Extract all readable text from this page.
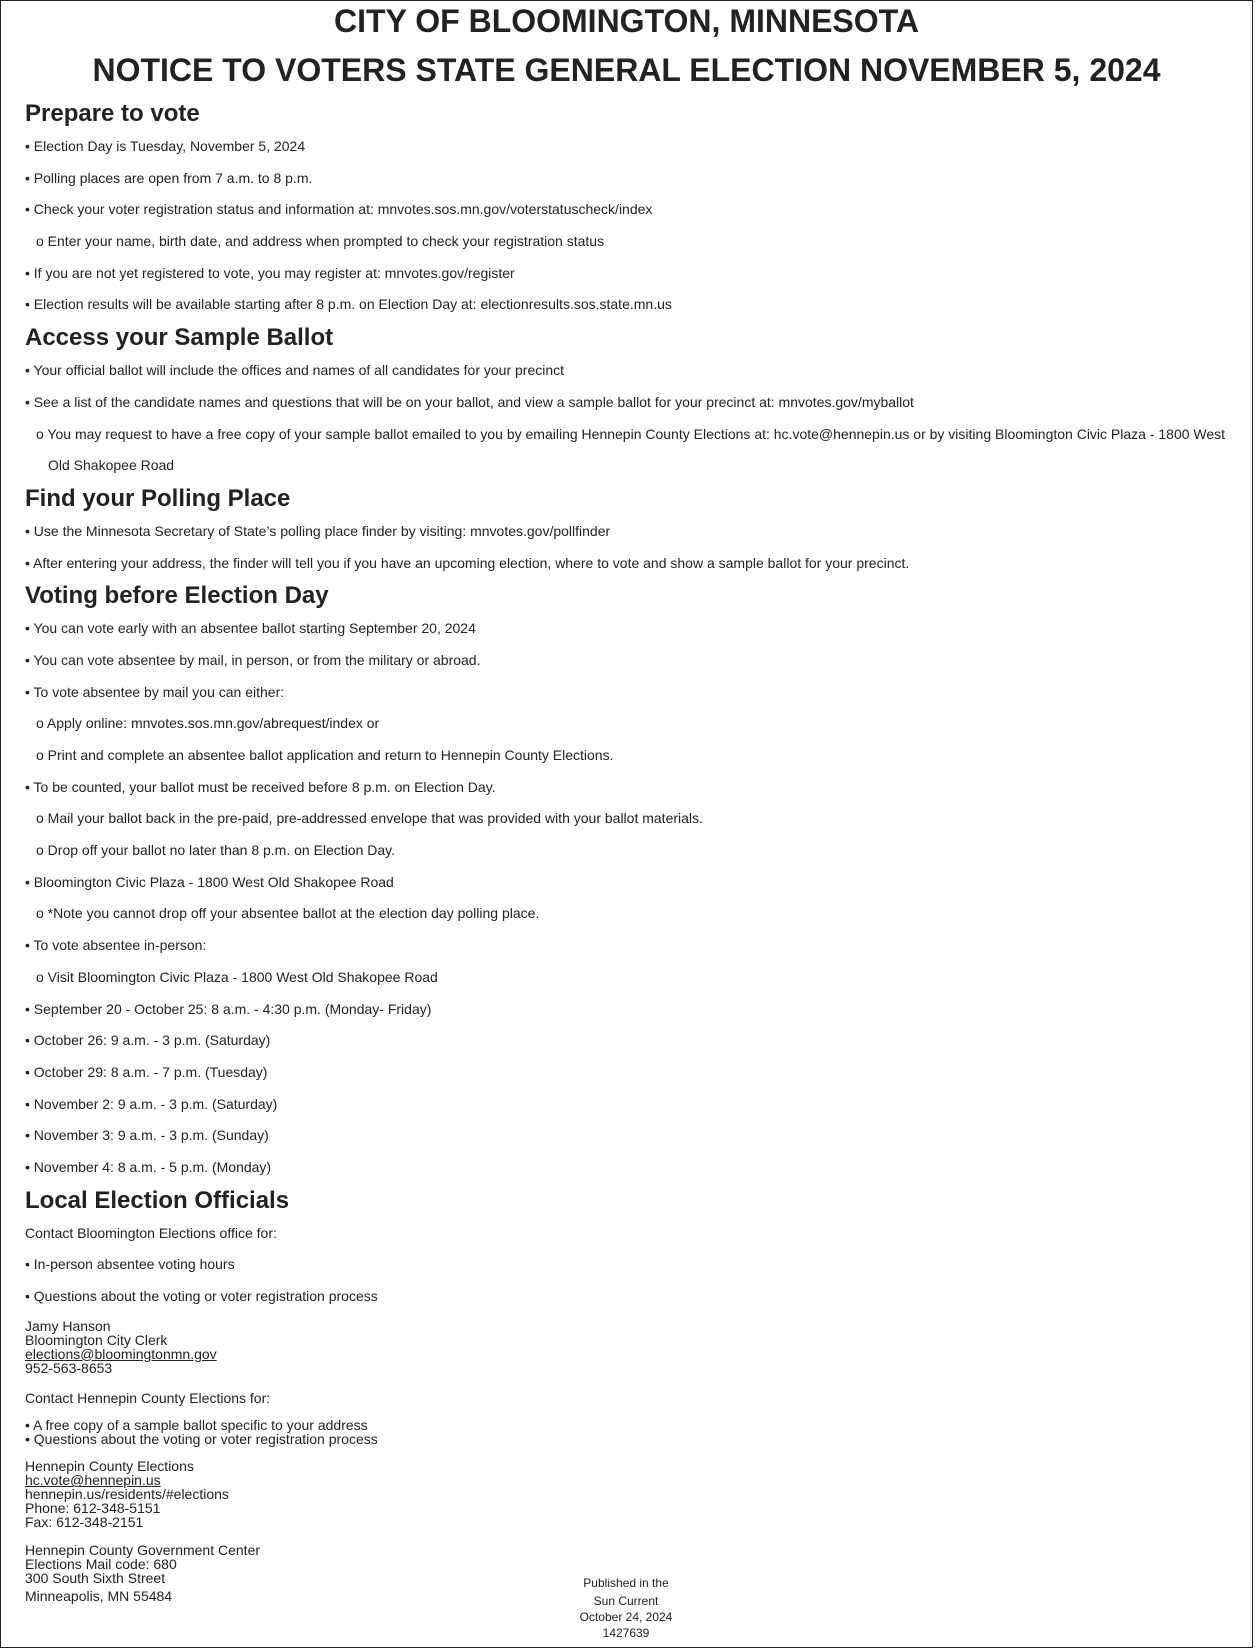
CITY OF BLOOMINGTON, MINNESOTA
NOTICE TO VOTERS STATE GENERAL ELECTION NOVEMBER 5, 2024
Prepare to vote
• Election Day is Tuesday, November 5, 2024
• Polling places are open from 7 a.m. to 8 p.m.
• Check your voter registration status and information at: mnvotes.sos.mn.gov/voterstatuscheck/index
o Enter your name, birth date, and address when prompted to check your registration status
• If you are not yet registered to vote, you may register at: mnvotes.gov/register
• Election results will be available starting after 8 p.m. on Election Day at: electionresults.sos.state.mn.us
Access your Sample Ballot
• Your official ballot will include the offices and names of all candidates for your precinct
• See a list of the candidate names and questions that will be on your ballot, and view a sample ballot for your precinct at: mnvotes.gov/myballot
o You may request to have a free copy of your sample ballot emailed to you by emailing Hennepin County Elections at: hc.vote@hennepin.us or by visiting Bloomington Civic Plaza - 1800 West
Old Shakopee Road
Find your Polling Place
• Use the Minnesota Secretary of State’s polling place finder by visiting: mnvotes.gov/pollfinder
• After entering your address, the finder will tell you if you have an upcoming election, where to vote and show a sample ballot for your precinct.
Voting before Election Day
• You can vote early with an absentee ballot starting September 20, 2024
• You can vote absentee by mail, in person, or from the military or abroad.
• To vote absentee by mail you can either:
o Apply online: mnvotes.sos.mn.gov/abrequest/index or
o Print and complete an absentee ballot application and return to Hennepin County Elections.
• To be counted, your ballot must be received before 8 p.m. on Election Day.
o Mail your ballot back in the pre-paid, pre-addressed envelope that was provided with your ballot materials.
o Drop off your ballot no later than 8 p.m. on Election Day.
• Bloomington Civic Plaza - 1800 West Old Shakopee Road
o *Note you cannot drop off your absentee ballot at the election day polling place.
• To vote absentee in-person:
o Visit Bloomington Civic Plaza - 1800 West Old Shakopee Road
• September 20 - October 25: 8 a.m. - 4:30 p.m. (Monday- Friday)
• October 26: 9 a.m. - 3 p.m. (Saturday)
• October 29: 8 a.m. - 7 p.m. (Tuesday)
• November 2: 9 a.m. - 3 p.m. (Saturday)
• November 3: 9 a.m. - 3 p.m. (Sunday)
• November 4: 8 a.m. - 5 p.m. (Monday)
Local Election Officials
Contact Bloomington Elections office for:
• In-person absentee voting hours
• Questions about the voting or voter registration process
Jamy Hanson
Bloomington City Clerk
elections@bloomingtonmn.gov
952-563-8653
Contact Hennepin County Elections for:
• A free copy of a sample ballot specific to your address
• Questions about the voting or voter registration process
Hennepin County Elections
hc.vote@hennepin.us
hennepin.us/residents/#elections
Phone: 612-348-5151
Fax: 612-348-2151
Hennepin County Government Center
Elections Mail code: 680
300 South Sixth Street
Minneapolis, MN 55484
Published in the
Sun Current
October 24, 2024
1427639
